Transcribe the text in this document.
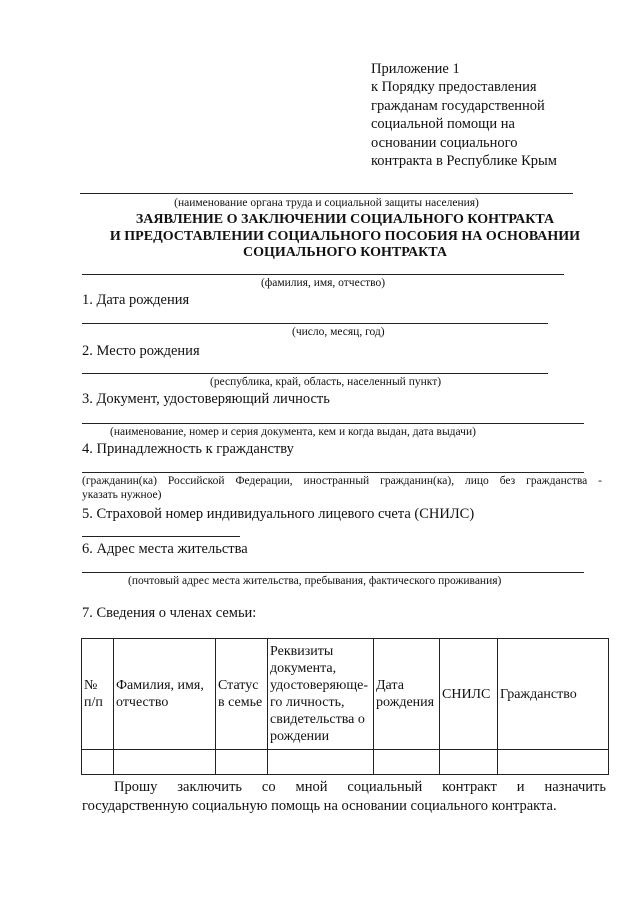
Приложение 1
к Порядку предоставления
гражданам государственной
социальной помощи на
основании социального
контракта в Республике Крым
(наименование органа труда и социальной защиты населения)
ЗАЯВЛЕНИЕ О ЗАКЛЮЧЕНИИ СОЦИАЛЬНОГО КОНТРАКТА
И ПРЕДОСТАВЛЕНИИ СОЦИАЛЬНОГО ПОСОБИЯ НА ОСНОВАНИИ
СОЦИАЛЬНОГО КОНТРАКТА
(фамилия, имя, отчество)
1. Дата рождения
(число, месяц, год)
2. Место рождения
(республика, край, область, населенный пункт)
3. Документ, удостоверяющий личность
(наименование, номер и серия документа, кем и когда выдан, дата выдачи)
4. Принадлежность к гражданству
(гражданин(ка) Российской Федерации, иностранный гражданин(ка), лицо без гражданства -
указать нужное)
5. Страховой номер индивидуального лицевого счета (СНИЛС)
6. Адрес места жительства
(почтовый адрес места жительства, пребывания, фактического проживания)
7. Сведения о членах семьи:
№ п/п	Фамилия, имя, отчество	Статус в семье	Реквизиты документа, удостоверяюще-го личность, свидетельства о рождении	Дата рождения	СНИЛС	Гражданство

Прошу заключить со мной социальный контракт и назначить
государственную социальную помощь на основании социального контракта.
